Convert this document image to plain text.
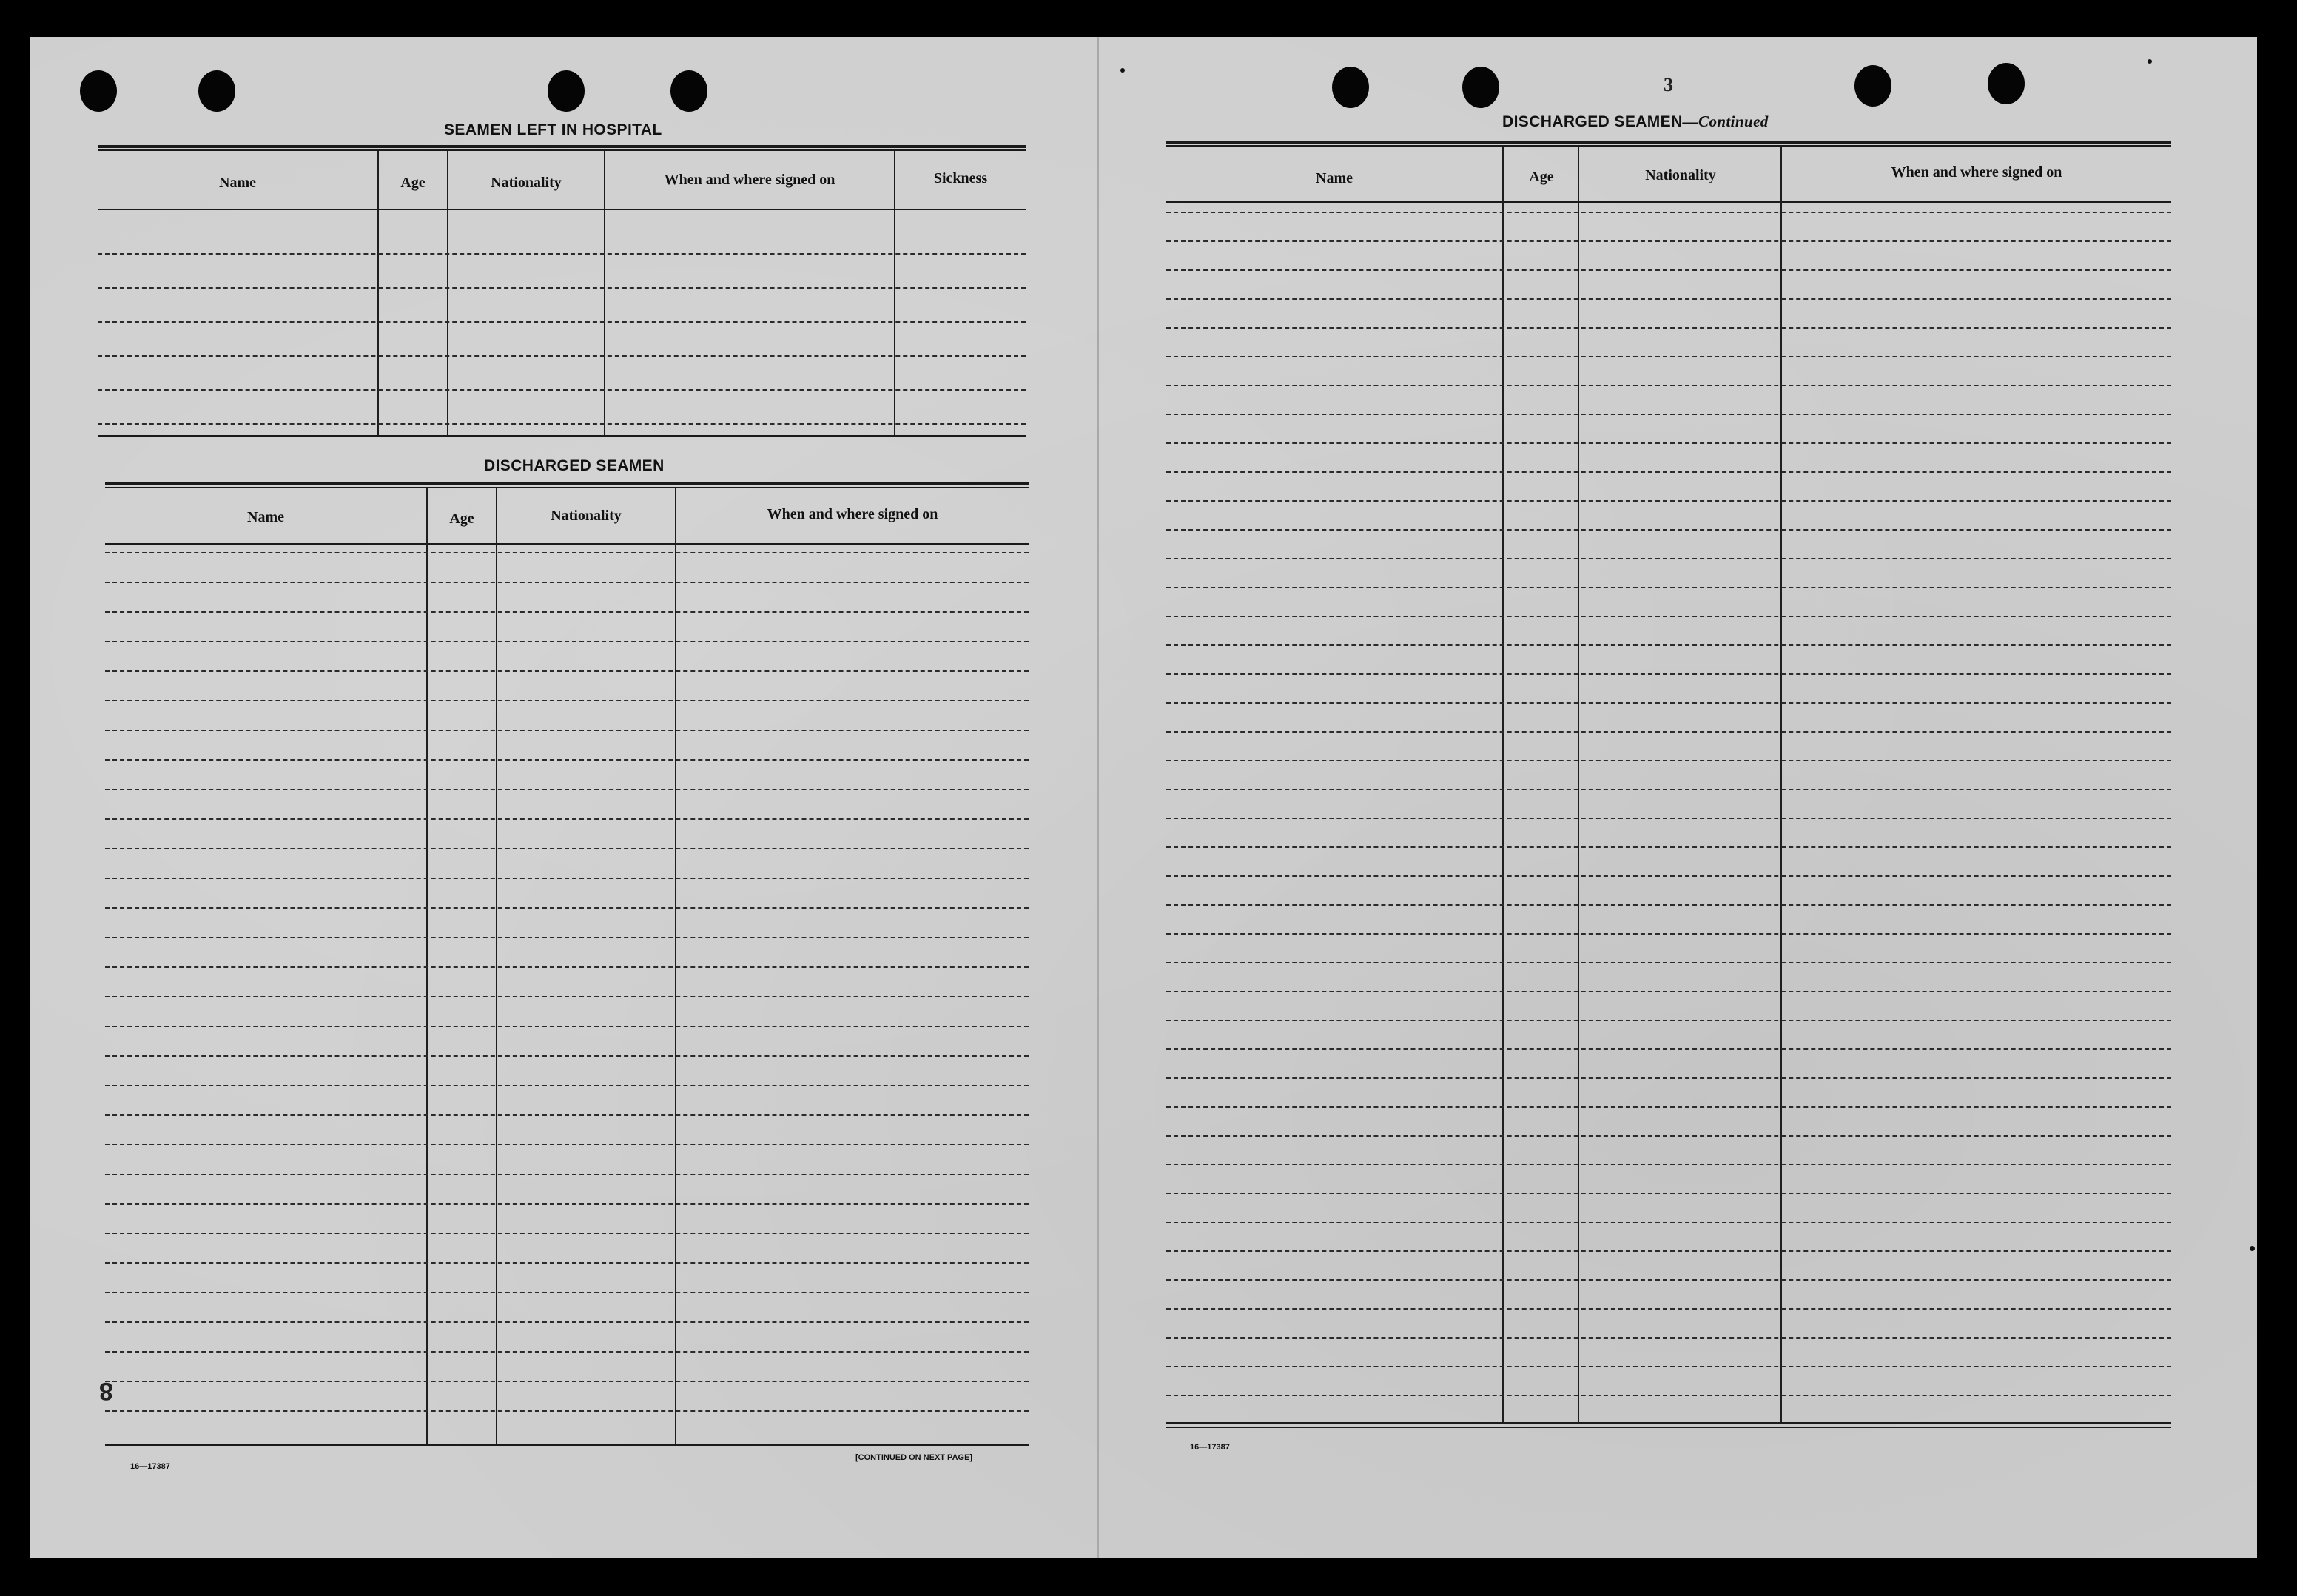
SEAMEN LEFT IN HOSPITAL
Name	Age	Nationality	When and where signed on	Sickness
DISCHARGED SEAMEN
Name	Age	Nationality	When and where signed on
8
16—17387
[CONTINUED ON NEXT PAGE]
3
DISCHARGED SEAMEN—Continued
Name	Age	Nationality	When and where signed on
16—17387
